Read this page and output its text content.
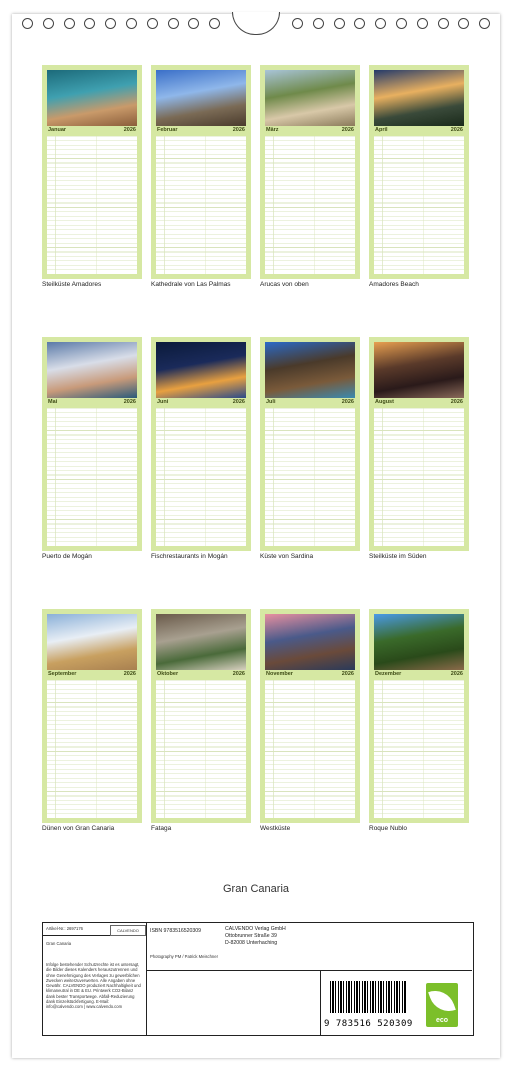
Januar	2026
Steilküste Amadores
Februar	2026
Kathedrale von Las Palmas
März	2026
Arucas von oben
April	2026
Amadores Beach
Mai	2026
Puerto de Mogán
Juni	2026
Fischrestaurants in Mogán
Juli	2026
Küste von Sardina
August	2026
Steilküste im Süden
September	2026
Dünen von Gran Canaria
Oktober	2026
Fataga
November	2026
Westküste
Dezember	2026
Roque Nublo
Gran Canaria
Artikel-Nr.: 2697176	CALVENDO
Gran Canaria
Infolge bestehender Schutzrechte ist es untersagt, die Bilder dieses Kalenders herauszutrennen und ohne Genehmigung des Verlages zu gewerblichen Zwecken weiterzuverwerten. Alle Angaben ohne Gewähr. CALVENDO produziert Nachhaltigkeit und klimaneutral in DE & EU. Printwerk CO2-Bilanz dank bester Transportwege. Abfall-Reduzierung dank Einzelstückfertigung. E-Mail: info@calvendo.com | www.calvendo.com
ISBN 9783516520309	CALVENDO Verlag GmbH
Ottobrunner Straße 39
D-82008 Unterhaching
Photography PM / Patrick Meischner
9 783516 520309	eco
